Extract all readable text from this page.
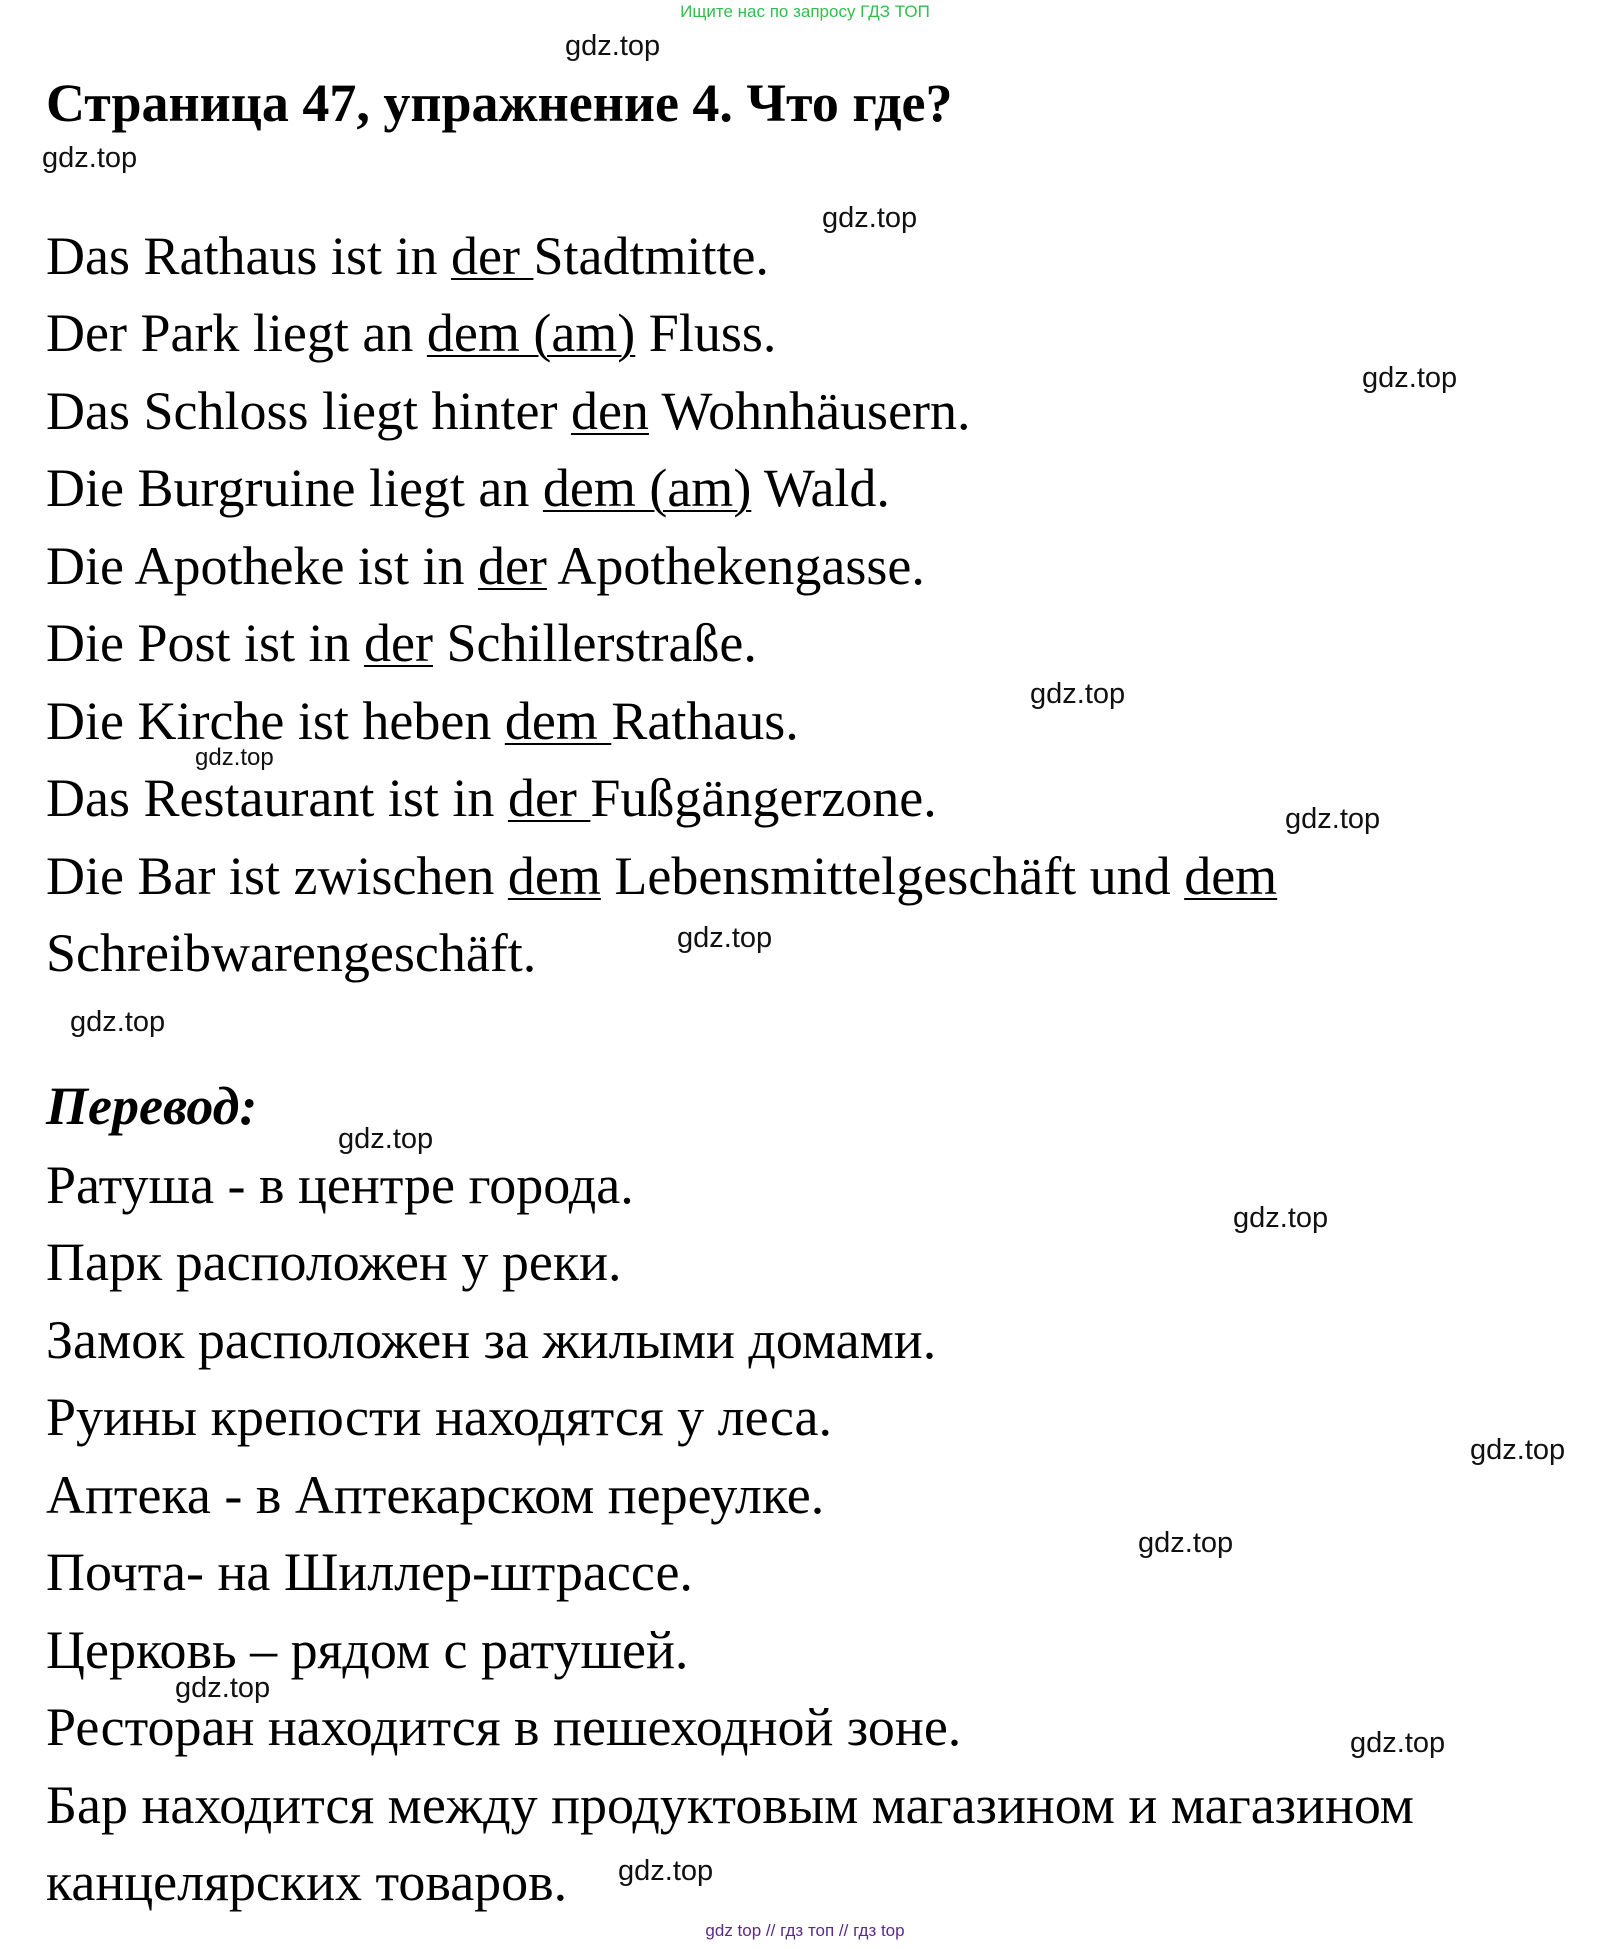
Ищите нас по запросу ГДЗ ТОП
Страница 47, упражнение 4. Что где?
Das Rathaus ist in der Stadtmitte.
Der Park liegt an dem (am) Fluss.
Das Schloss liegt hinter den Wohnhäusern.
Die Burgruine liegt an dem (am) Wald.
Die Apotheke ist in der Apothekengasse.
Die Post ist in der Schillerstraße.
Die Kirche ist heben dem Rathaus.
Das Restaurant ist in der Fußgängerzone.
Die Bar ist zwischen dem Lebensmittelgeschäft und dem
Schreibwarengeschäft.
Перевод:
Ратуша - в центре города.
Парк расположен у реки.
Замок расположен за жилыми домами.
Руины крепости находятся у леса.
Аптека - в Аптекарском переулке.
Почта- на Шиллер-штрассе.
Церковь – рядом с ратушей.
Ресторан находится в пешеходной зоне.
Бар находится между продуктовым магазином и магазином
канцелярских товаров.
gdz.top
gdz.top
gdz.top
gdz.top
gdz.top
gdz.top
gdz.top
gdz.top
gdz.top
gdz.top
gdz.top
gdz.top
gdz.top
gdz.top
gdz.top
gdz.top
gdz top // гдз топ // гдз top
